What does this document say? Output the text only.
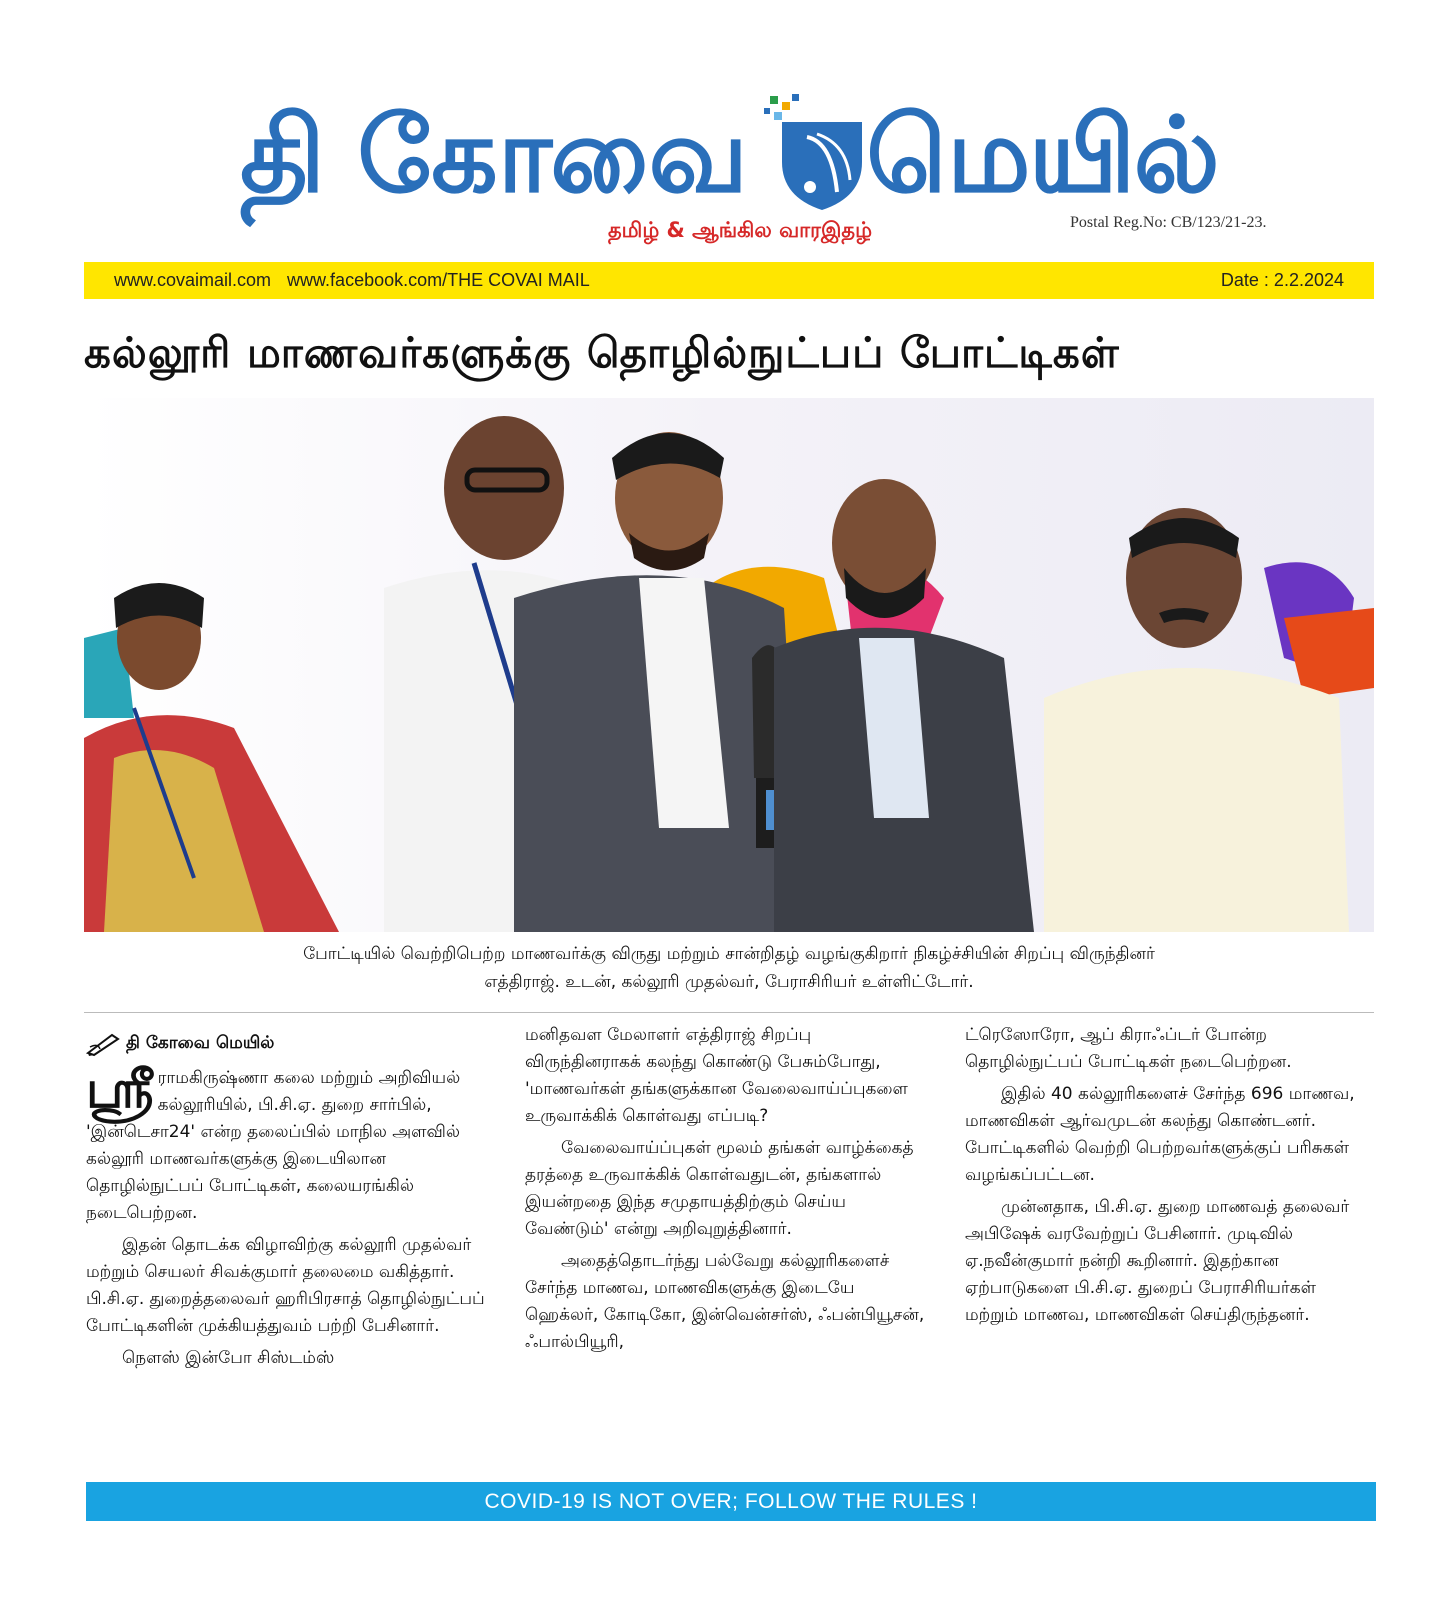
தி கோவை மெயில்
தமிழ் & ஆங்கில வாரஇதழ்	Postal Reg.No: CB/123/21-23.
www.covaimail.com www.facebook.com/THE COVAI MAIL	Date : 2.2.2024
கல்லூரி மாணவர்களுக்கு தொழில்நுட்பப் போட்டிகள்
போட்டியில் வெற்றிபெற்ற மாணவர்க்கு விருது மற்றும் சான்றிதழ் வழங்குகிறார் நிகழ்ச்சியின் சிறப்பு விருந்தினர்
எத்திராஜ். உடன், கல்லூரி முதல்வர், பேராசிரியர் உள்ளிட்டோர்.
தி கோவை மெயில்

ஸ்ரீ ராமகிருஷ்ணா கலை மற்றும் அறிவியல் கல்லூரியில், பி.சி.ஏ. துறை சார்பில், 'இன்டெசா24' என்ற தலைப்பில் மாநில அளவில் கல்லூரி மாணவர்களுக்கு இடையிலான தொழில்நுட்பப் போட்டிகள், கலையரங்கில் நடைபெற்றன.

இதன் தொடக்க விழாவிற்கு கல்லூரி முதல்வர் மற்றும் செயலர் சிவக்குமார் தலைமை வகித்தார். பி.சி.ஏ. துறைத்தலைவர் ஹரிபிரசாத் தொழில்நுட்பப் போட்டிகளின் முக்கியத்துவம் பற்றி பேசினார்.

நௌஸ் இன்போ சிஸ்டம்ஸ்

மனிதவள மேலாளர் எத்திராஜ் சிறப்பு விருந்தினராகக் கலந்து கொண்டு பேசும்போது, 'மாணவர்கள் தங்களுக்கான வேலைவாய்ப்புகளை உருவாக்கிக் கொள்வது எப்படி?

வேலைவாய்ப்புகள் மூலம் தங்கள் வாழ்க்கைத் தரத்தை உருவாக்கிக் கொள்வதுடன், தங்களால் இயன்றதை இந்த சமுதாயத்திற்கும் செய்ய வேண்டும்' என்று அறிவுறுத்தினார்.

அதைத்தொடர்ந்து பல்வேறு கல்லூரிகளைச் சேர்ந்த மாணவ, மாணவிகளுக்கு இடையே ஹெக்லர், கோடிகோ, இன்வென்சர்ஸ், ஃபன்பியூசன், ஃபால்பியூரி,

ட்ரெஸோரோ, ஆப் கிராஃப்டர் போன்ற தொழில்நுட்பப் போட்டிகள் நடைபெற்றன.

இதில் 40 கல்லூரிகளைச் சேர்ந்த 696 மாணவ, மாணவிகள் ஆர்வமுடன் கலந்து கொண்டனர். போட்டிகளில் வெற்றி பெற்றவர்களுக்குப் பரிசுகள் வழங்கப்பட்டன.

முன்னதாக, பி.சி.ஏ. துறை மாணவத் தலைவர் அபிஷேக் வரவேற்றுப் பேசினார். முடிவில் ஏ.நவீன்குமார் நன்றி கூறினார். இதற்கான ஏற்பாடுகளை பி.சி.ஏ. துறைப் பேராசிரியர்கள் மற்றும் மாணவ, மாணவிகள் செய்திருந்தனர்.

COVID-19 IS NOT OVER; FOLLOW THE RULES !
